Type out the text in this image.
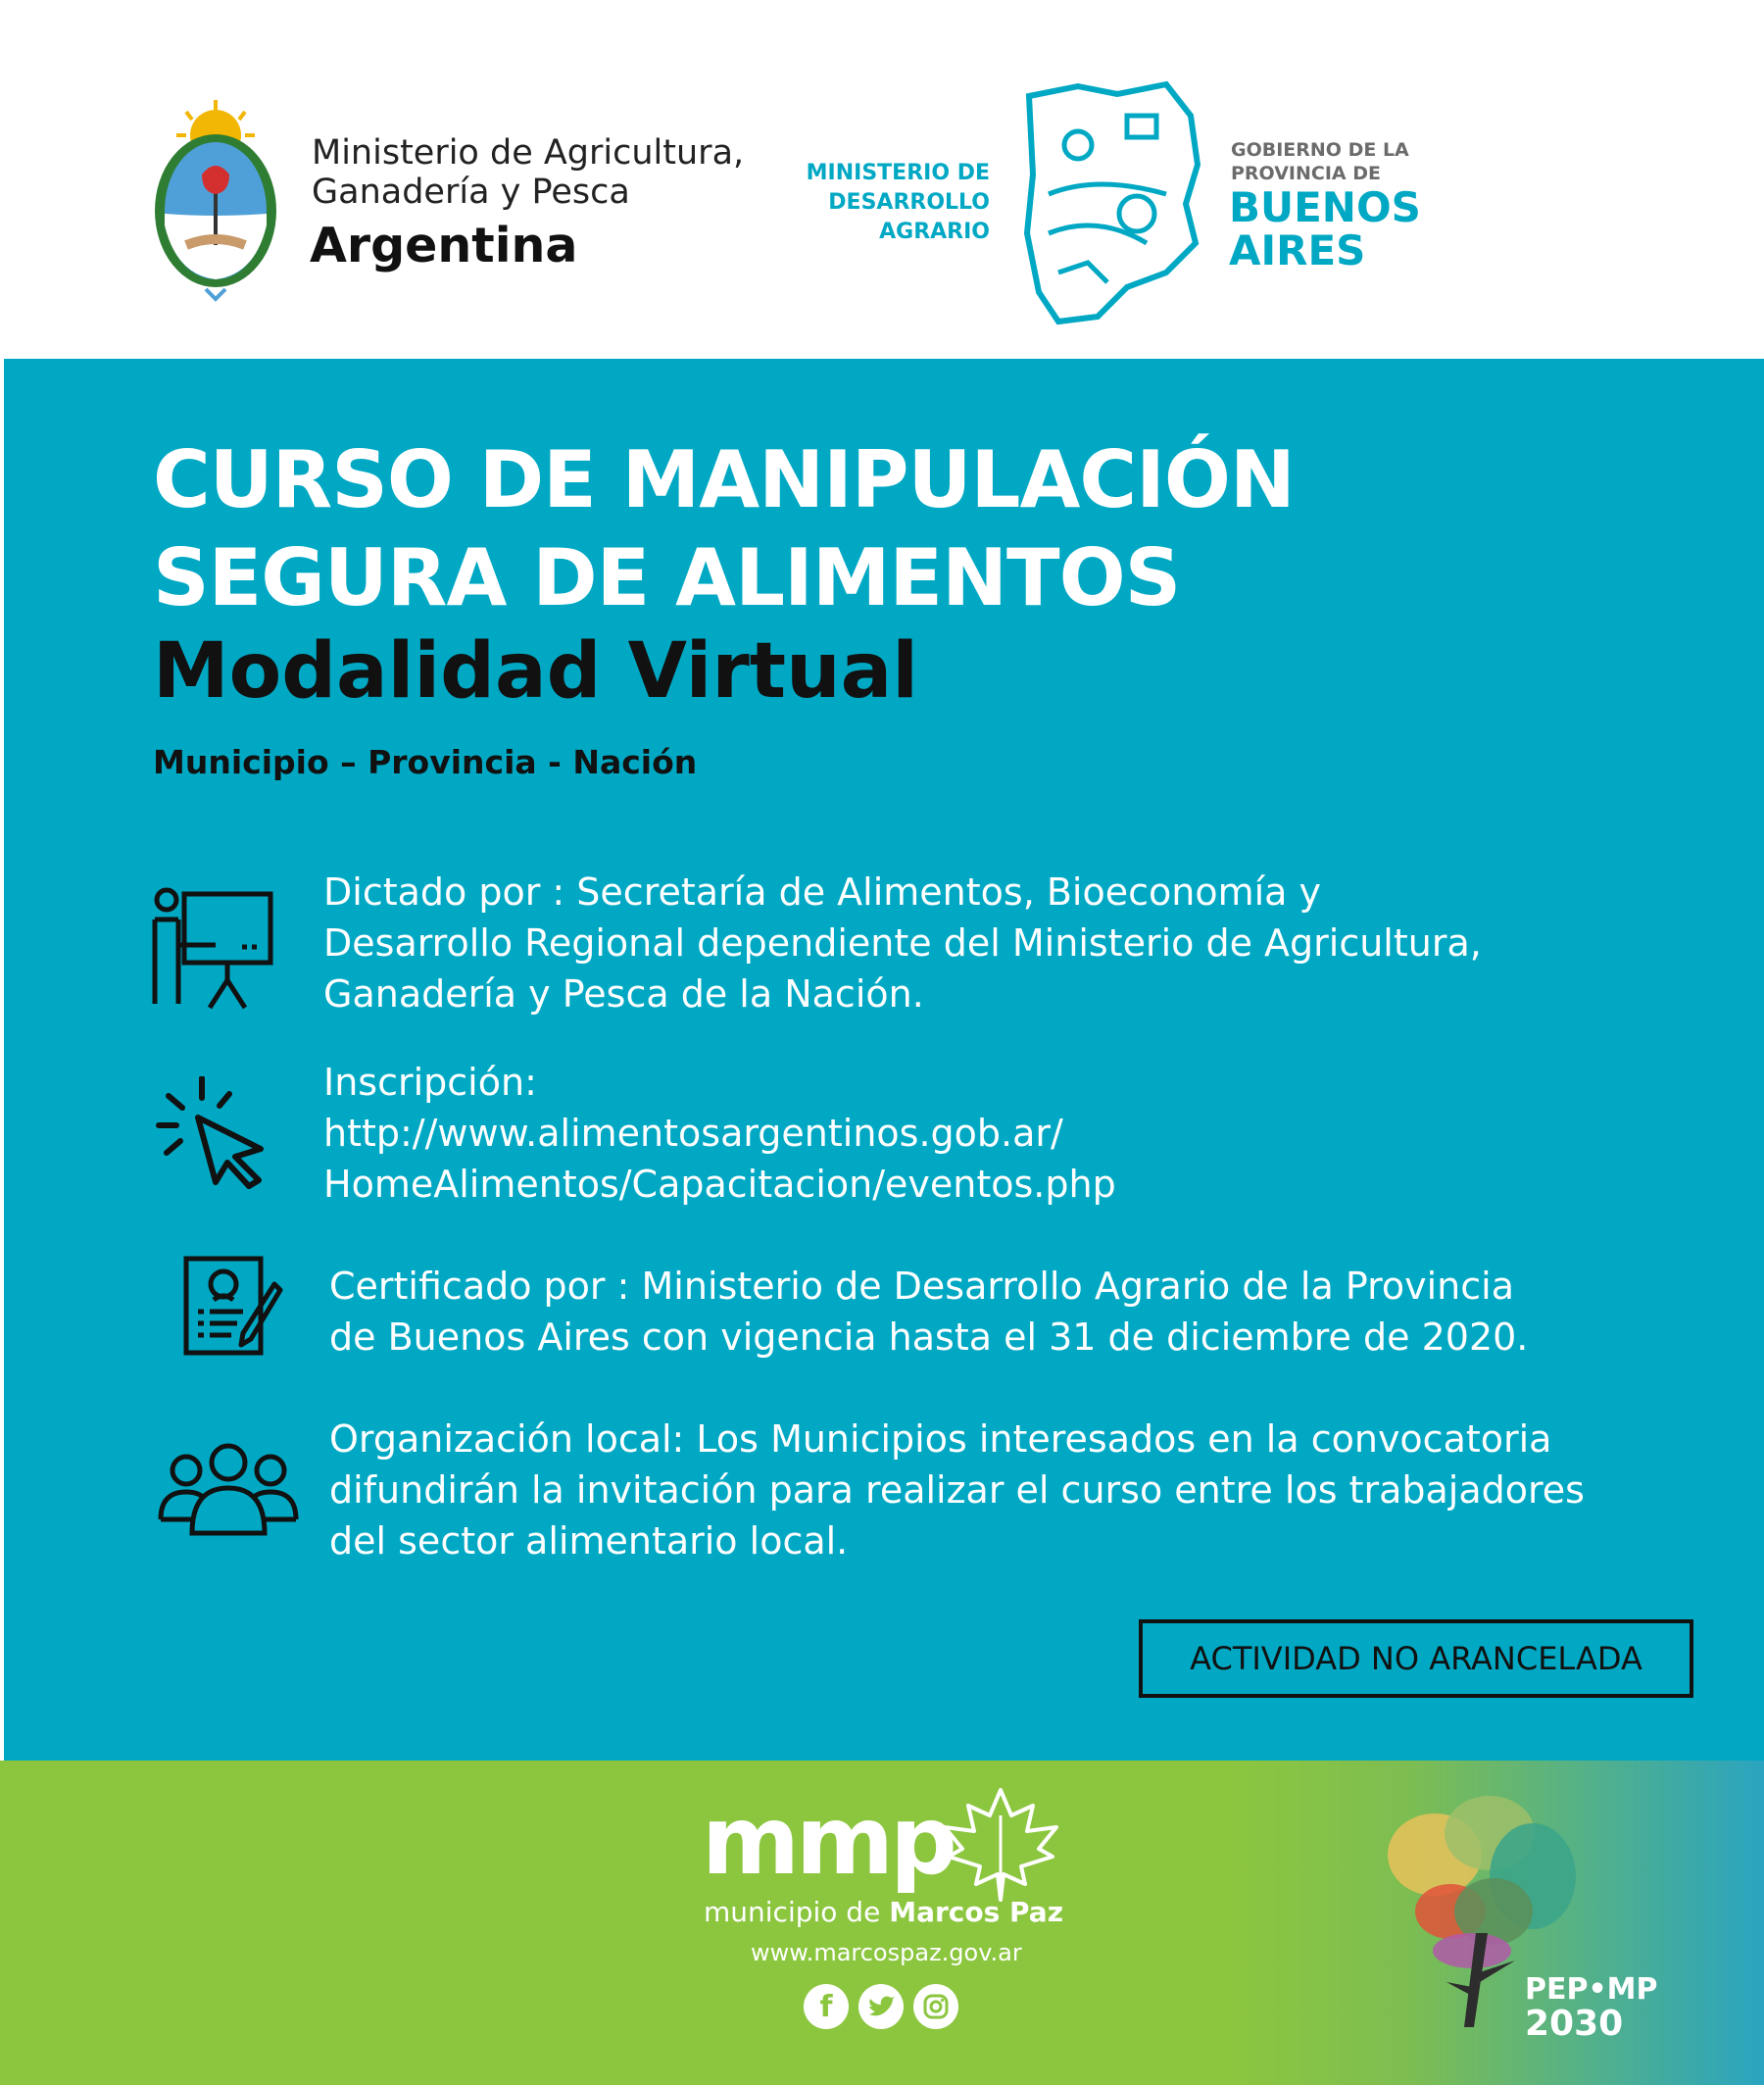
Ministerio de Agricultura,
Ganadería y Pesca
Argentina
MINISTERIO DE
DESARROLLO
AGRARIO
GOBIERNO DE LA
PROVINCIA DE
BUENOS
AIRES
CURSO DE MANIPULACIÓN
SEGURA DE ALIMENTOS
Modalidad Virtual
Municipio – Provincia - Nación
Dictado por : Secretaría de Alimentos, Bioeconomía y
Desarrollo Regional dependiente del Ministerio de Agricultura,
Ganadería y Pesca de la Nación.
Inscripción:
http://www.alimentosargentinos.gob.ar/
HomeAlimentos/Capacitacion/eventos.php
Certificado por : Ministerio de Desarrollo Agrario de la Provincia
de Buenos Aires con vigencia hasta el 31 de diciembre de 2020.
Organización local: Los Municipios interesados en la convocatoria
difundirán la invitación para realizar el curso entre los trabajadores
del sector alimentario local.
ACTIVIDAD NO ARANCELADA
mmp
municipio de Marcos Paz
www.marcospaz.gov.ar
f	PEP•MP
2030
